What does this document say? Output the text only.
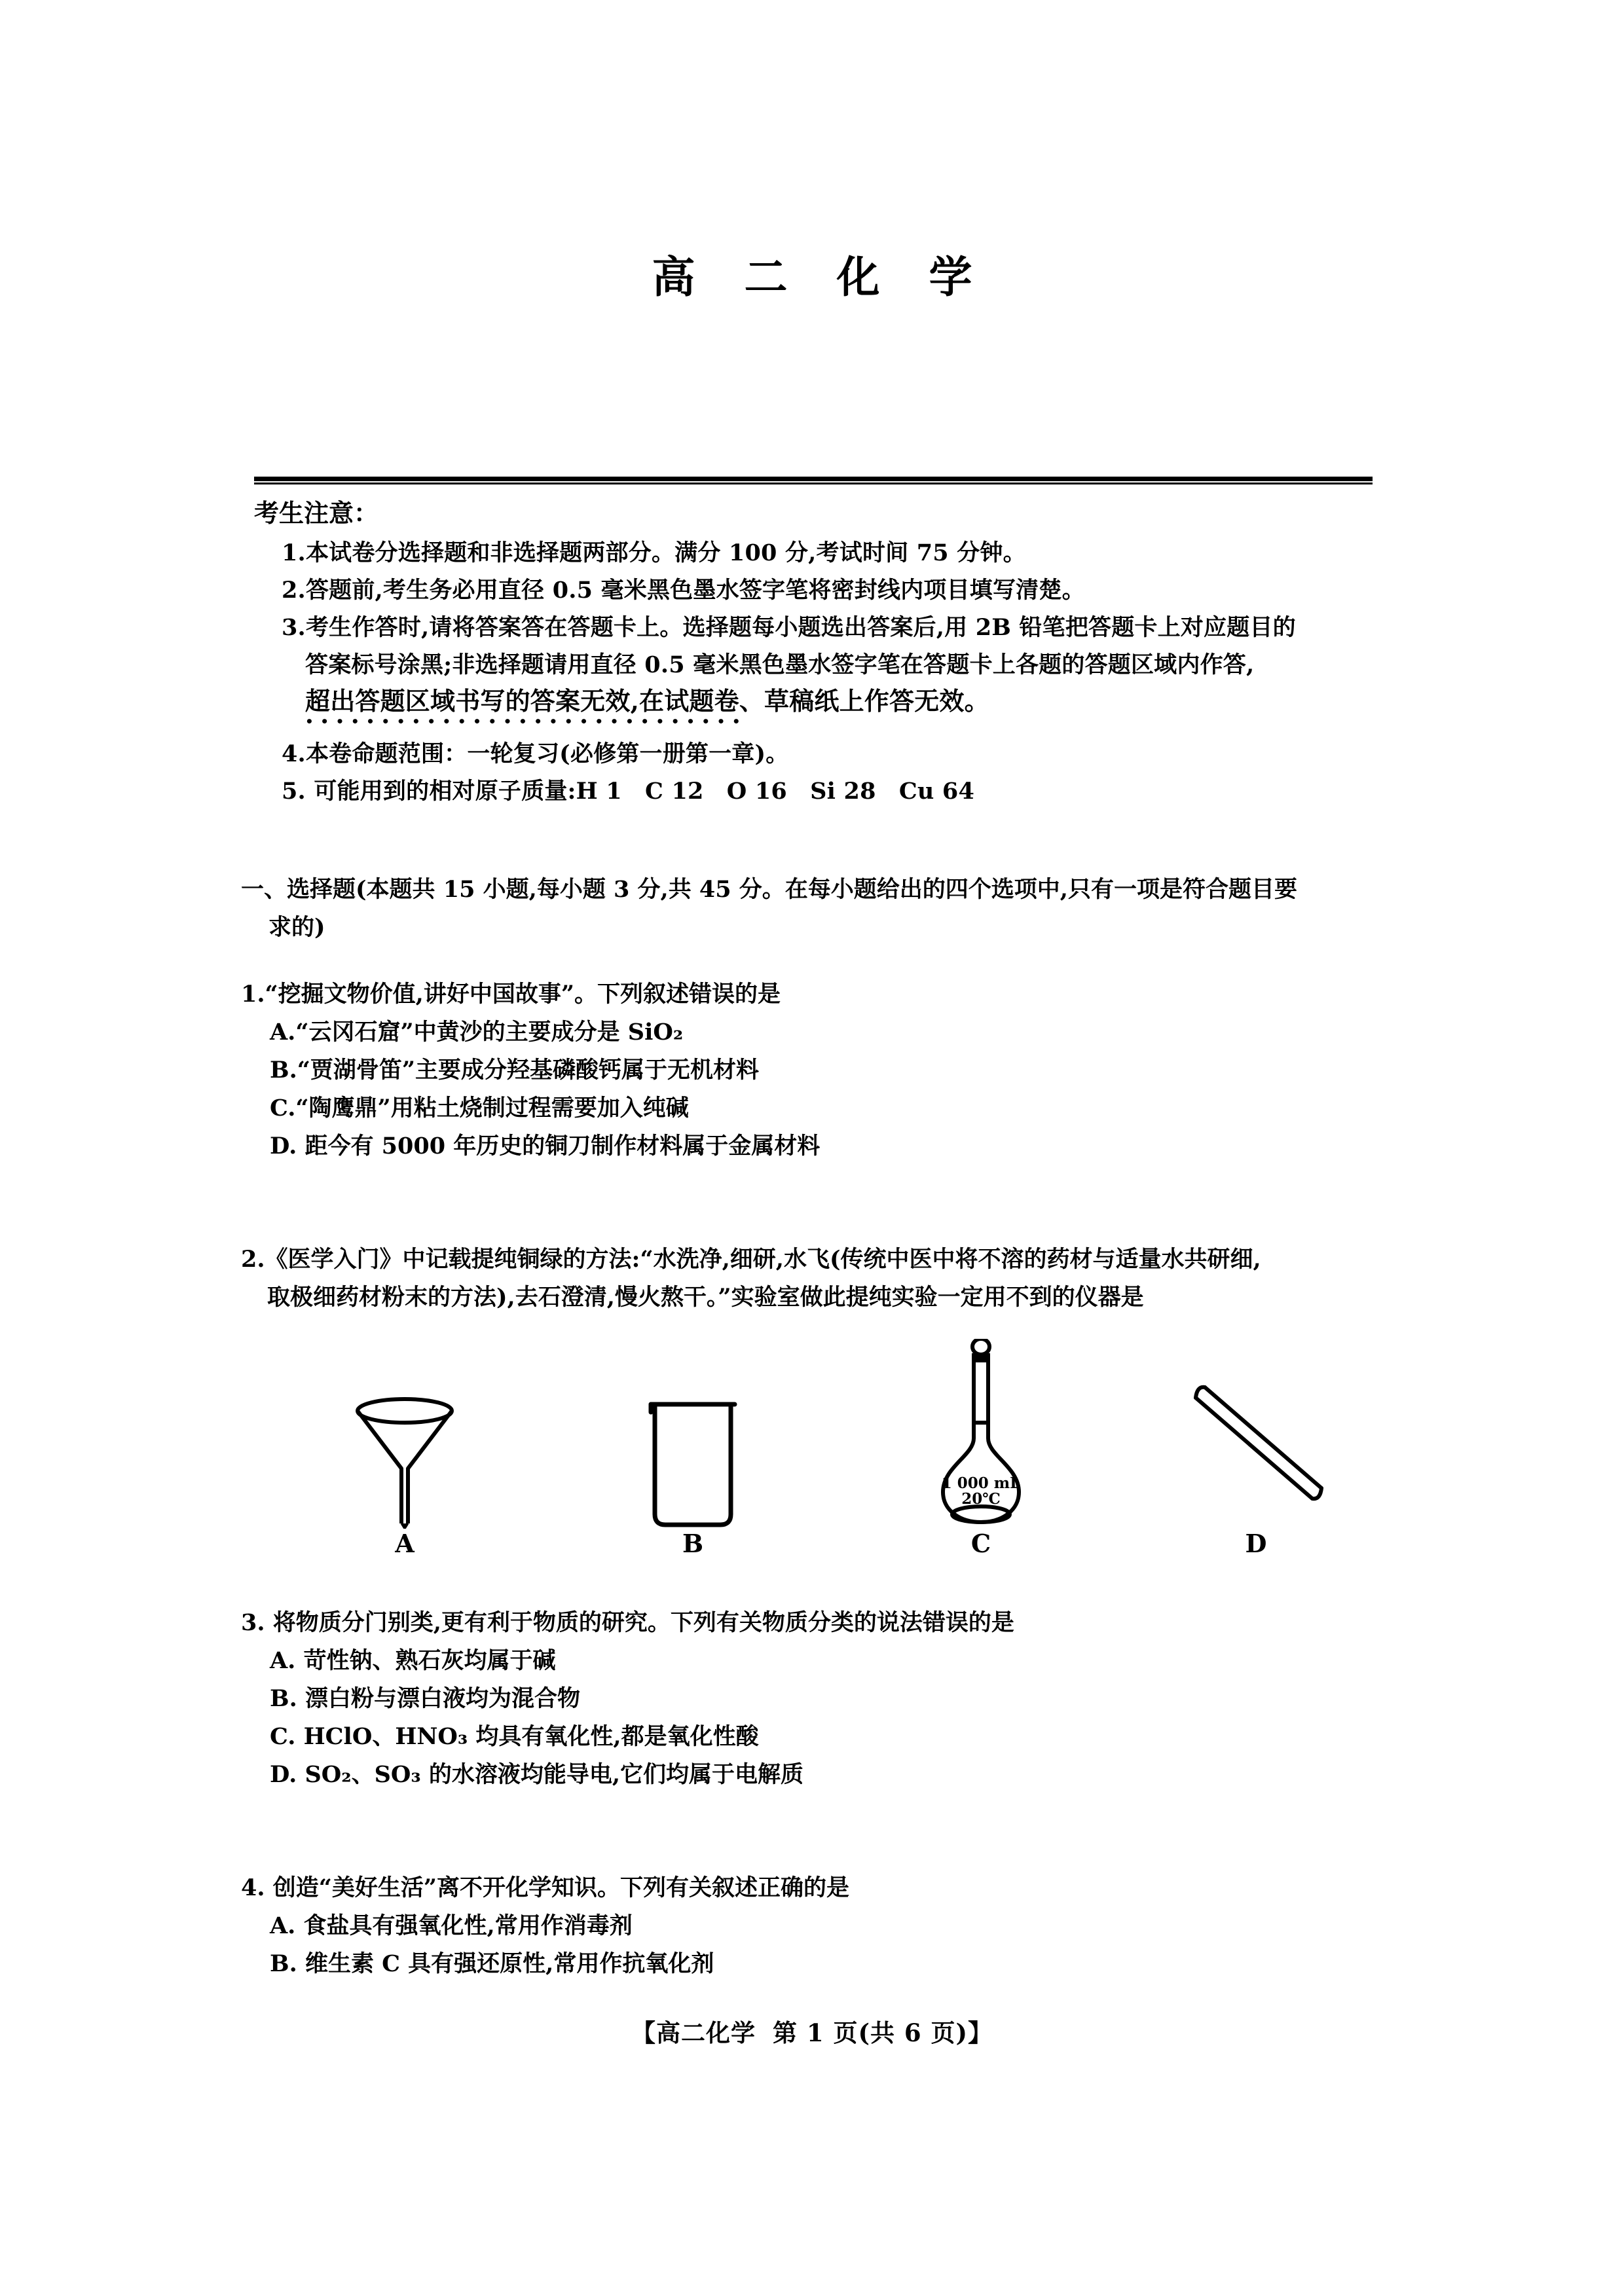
高 二 化 学
考生注意：
1.本试卷分选择题和非选择题两部分。满分 100 分,考试时间 75 分钟。
2.答题前,考生务必用直径 0.5 毫米黑色墨水签字笔将密封线内项目填写清楚。
3.考生作答时,请将答案答在答题卡上。选择题每小题选出答案后,用 2B 铅笔把答题卡上对应题目的
答案标号涂黑;非选择题请用直径 0.5 毫米黑色墨水签字笔在答题卡上各题的答题区域内作答,
超出答题区域书写的答案无效,在试题卷、草稿纸上作答无效。
•••••••••••••••••••••••••••••
4.本卷命题范围：一轮复习(必修第一册第一章)。
5. 可能用到的相对原子质量:H 1　C 12　O 16　Si 28　Cu 64
一、选择题(本题共 15 小题,每小题 3 分,共 45 分。在每小题给出的四个选项中,只有一项是符合题目要
求的)
1.“挖掘文物价值,讲好中国故事”。下列叙述错误的是
A.“云冈石窟”中黄沙的主要成分是 SiO₂
B.“贾湖骨笛”主要成分羟基磷酸钙属于无机材料
C.“陶鹰鼎”用粘土烧制过程需要加入纯碱
D. 距今有 5000 年历史的铜刀制作材料属于金属材料
2.《医学入门》中记载提纯铜绿的方法:“水洗净,细研,水飞(传统中医中将不溶的药材与适量水共研细,
取极细药材粉末的方法),去石澄清,慢火熬干。”实验室做此提纯实验一定用不到的仪器是
A	B
1 000 mL
20℃
C	D
3. 将物质分门别类,更有利于物质的研究。下列有关物质分类的说法错误的是
A. 苛性钠、熟石灰均属于碱
B. 漂白粉与漂白液均为混合物
C. HClO、HNO₃ 均具有氧化性,都是氧化性酸
D. SO₂、SO₃ 的水溶液均能导电,它们均属于电解质
4. 创造“美好生活”离不开化学知识。下列有关叙述正确的是
A. 食盐具有强氧化性,常用作消毒剂
B. 维生素 C 具有强还原性,常用作抗氧化剂
【高二化学 第 1 页(共 6 页)】
